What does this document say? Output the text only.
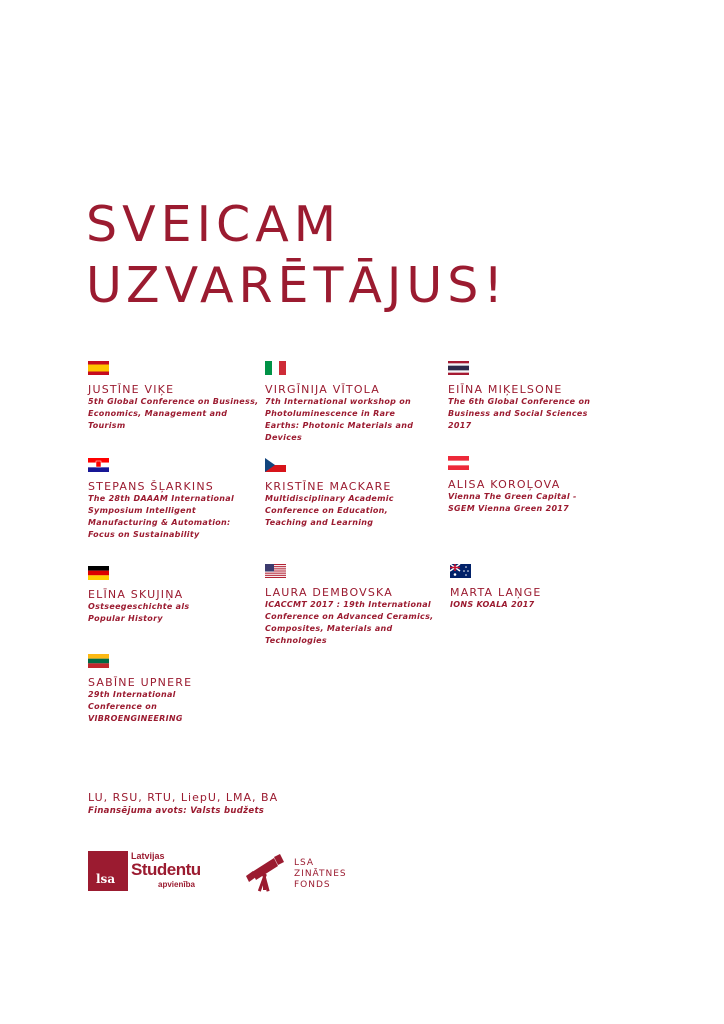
SVEICAM
UZVARĒTĀJUS!
JUSTĪNE VIĶE
5th Global Conference on Business, Economics, Management and Tourism
VIRGĪNIJA VĪTOLA
7th International workshop on Photoluminescence in Rare Earths: Photonic Materials and Devices
EIĪNA MIĶELSONE
The 6th Global Conference on Business and Social Sciences 2017
STEPANS ŠĻARKINS
The 28th DAAAM International Symposium Intelligent Manufacturing & Automation: Focus on Sustainability
KRISTĪNE MACKARE
Multidisciplinary Academic Conference on Education, Teaching and Learning
ALISA KOROĻOVA
Vienna The Green Capital - SGEM Vienna Green 2017
ELĪNA SKUJIŅA
Ostseegeschichte als Popular History
LAURA DEMBOVSKA
ICACCMT 2017 : 19th International Conference on Advanced Ceramics, Composites, Materials and Technologies
MARTA LAŅGE
IONS KOALA 2017
SABĪNE UPNERE
29th International Conference on VIBROENGINEERING
LU, RSU, RTU, LiepU, LMA, BA
Finansējuma avots: Valsts budžets
lsa
Latvijas
Studentu
apvienība
LSA
ZINĀTNES
FONDS
